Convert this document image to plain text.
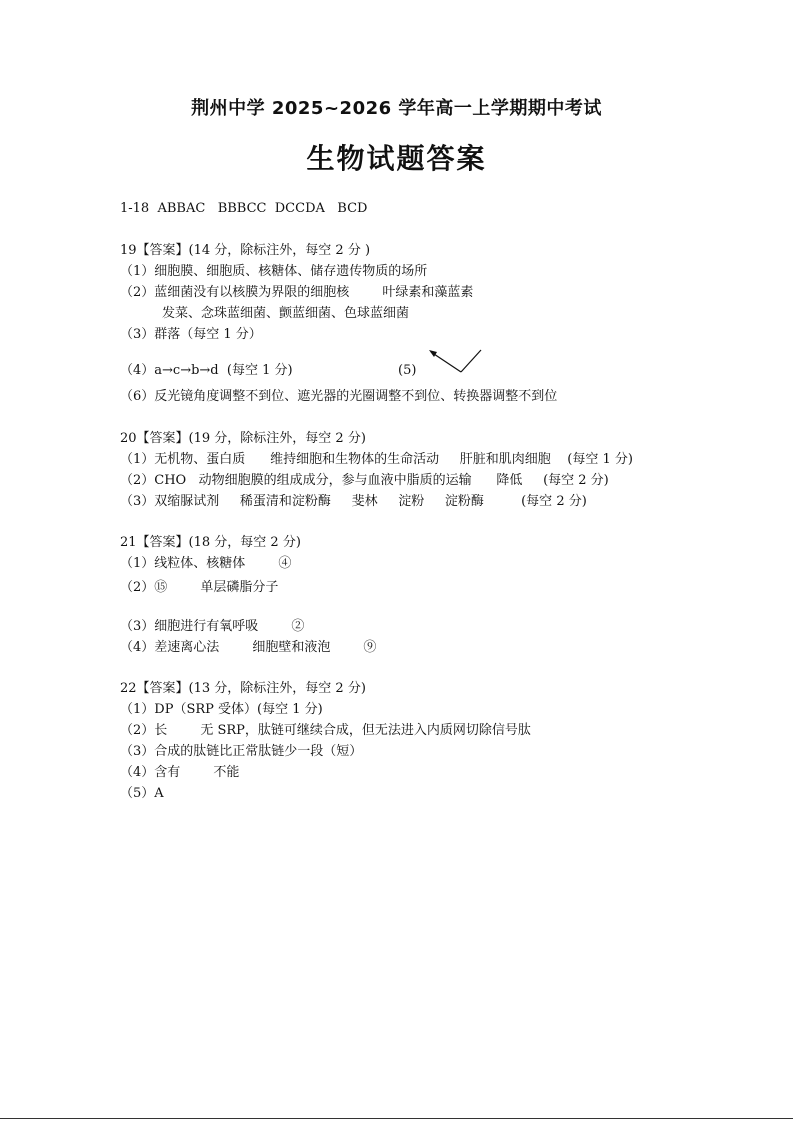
荆州中学 2025~2026 学年高一上学期期中考试
生物试题答案
1-18  ABBAC   BBBCC  DCCDA   BCD
19【答案】(14 分，除标注外，每空 2 分 )
（1）细胞膜、细胞质、核糖体、储存遗传物质的场所
（2）蓝细菌没有以核膜为界限的细胞核        叶绿素和藻蓝素
发菜、念珠蓝细菌、颤蓝细菌、色球蓝细菌
（3）群落（每空 1 分）
（4）a→c→b→d  (每空 1 分)	(5)
（6）反光镜角度调整不到位、遮光器的光圈调整不到位、转换器调整不到位
20【答案】(19 分，除标注外，每空 2 分)
（1）无机物、蛋白质      维持细胞和生物体的生命活动     肝脏和肌肉细胞    (每空 1 分)
（2）CHO   动物细胞膜的组成成分，参与血液中脂质的运输      降低     (每空 2 分)
（3）双缩脲试剂     稀蛋清和淀粉酶     斐林     淀粉     淀粉酶         (每空 2 分)
21【答案】(18 分，每空 2 分)
（1）线粒体、核糖体        ④
（2）⑮        单层磷脂分子
（3）细胞进行有氧呼吸        ②
（4）差速离心法        细胞壁和液泡        ⑨
22【答案】(13 分，除标注外，每空 2 分)
（1）DP（SRP 受体）(每空 1 分)
（2）长        无 SRP，肽链可继续合成，但无法进入内质网切除信号肽
（3）合成的肽链比正常肽链少一段（短）
（4）含有        不能
（5）A
